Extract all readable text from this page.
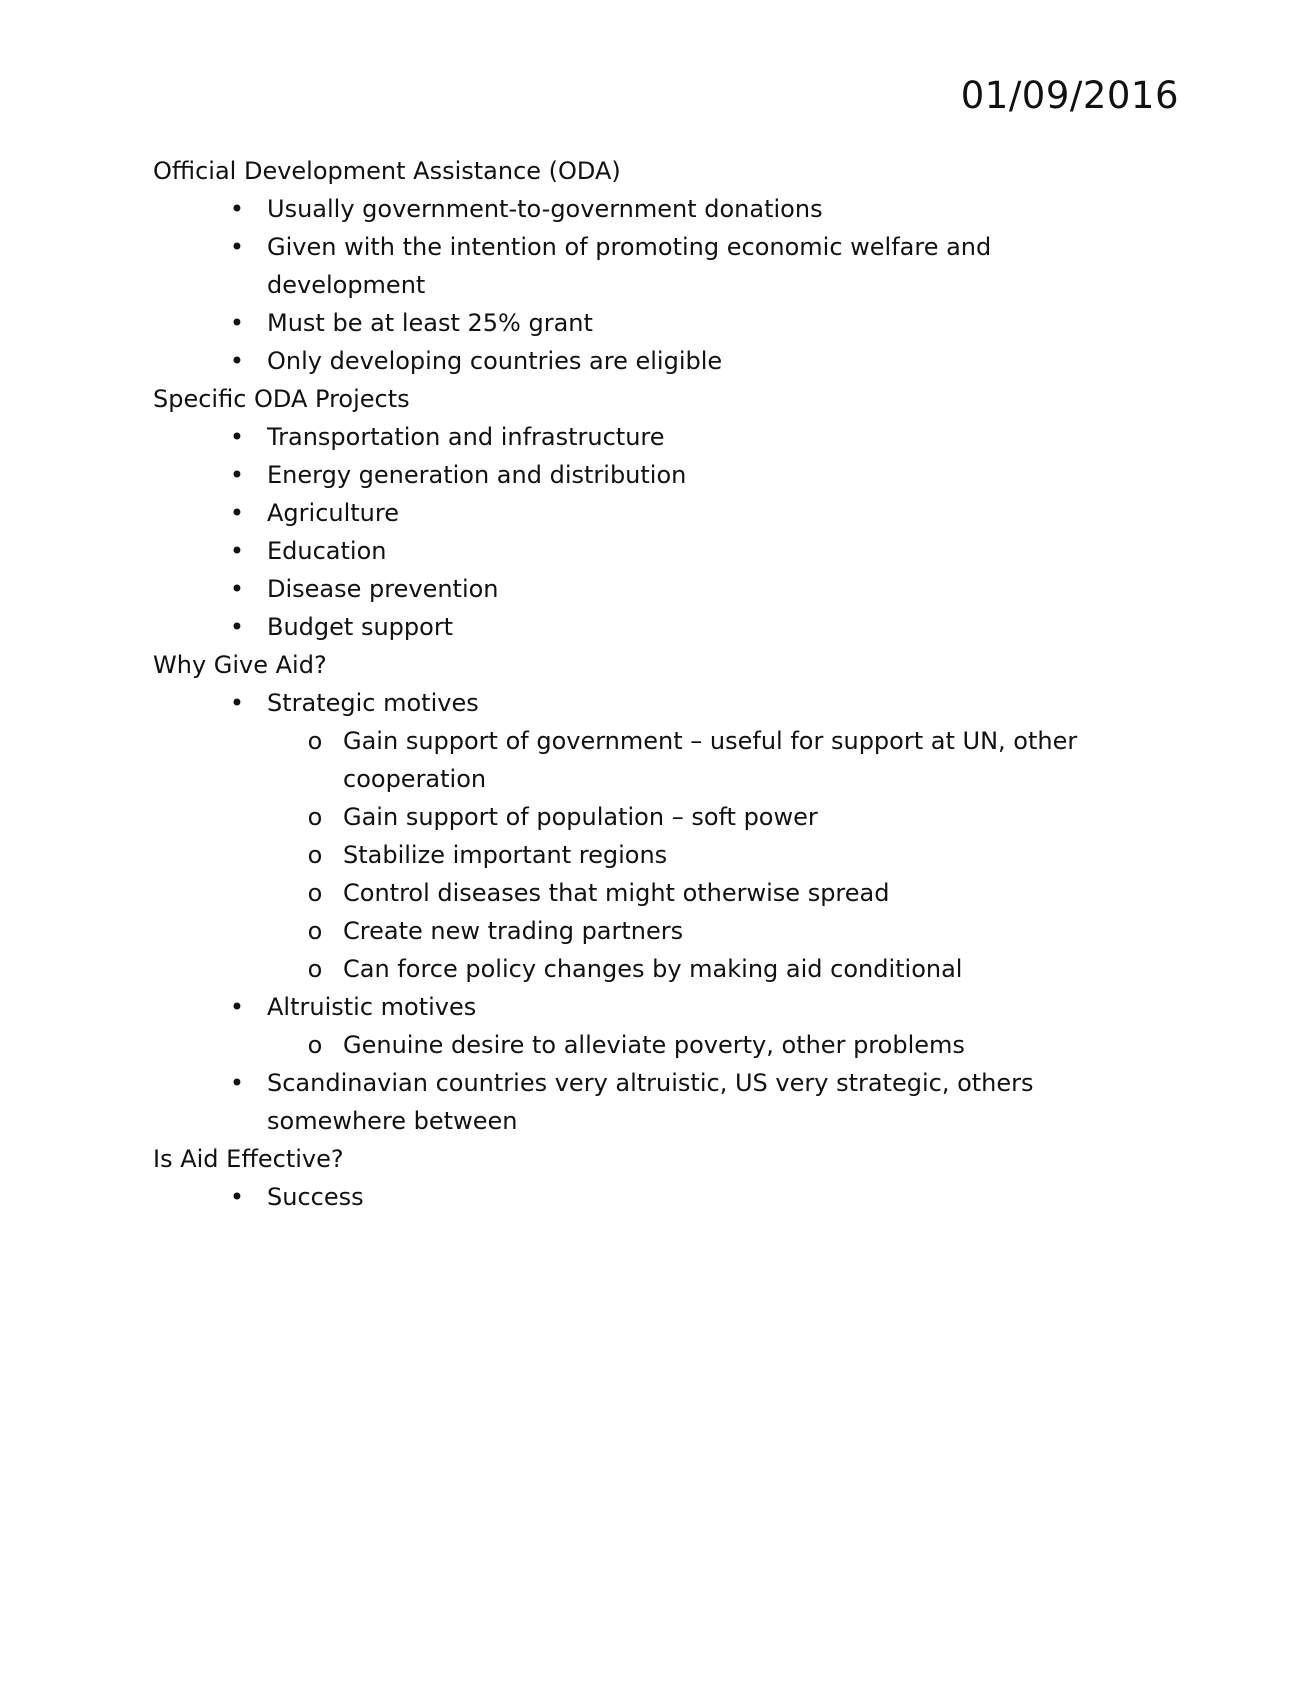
01/09/2016
Official Development Assistance (ODA)
• Usually government-to-government donations
• Given with the intention of promoting economic welfare and development
• Must be at least 25% grant
• Only developing countries are eligible
Specific ODA Projects
• Transportation and infrastructure
• Energy generation and distribution
• Agriculture
• Education
• Disease prevention
• Budget support
Why Give Aid?
• Strategic motives
o Gain support of government – useful for support at UN, other cooperation
o Gain support of population – soft power
o Stabilize important regions
o Control diseases that might otherwise spread
o Create new trading partners
o Can force policy changes by making aid conditional
• Altruistic motives
o Genuine desire to alleviate poverty, other problems
• Scandinavian countries very altruistic, US very strategic, others somewhere between
Is Aid Effective?
• Success
